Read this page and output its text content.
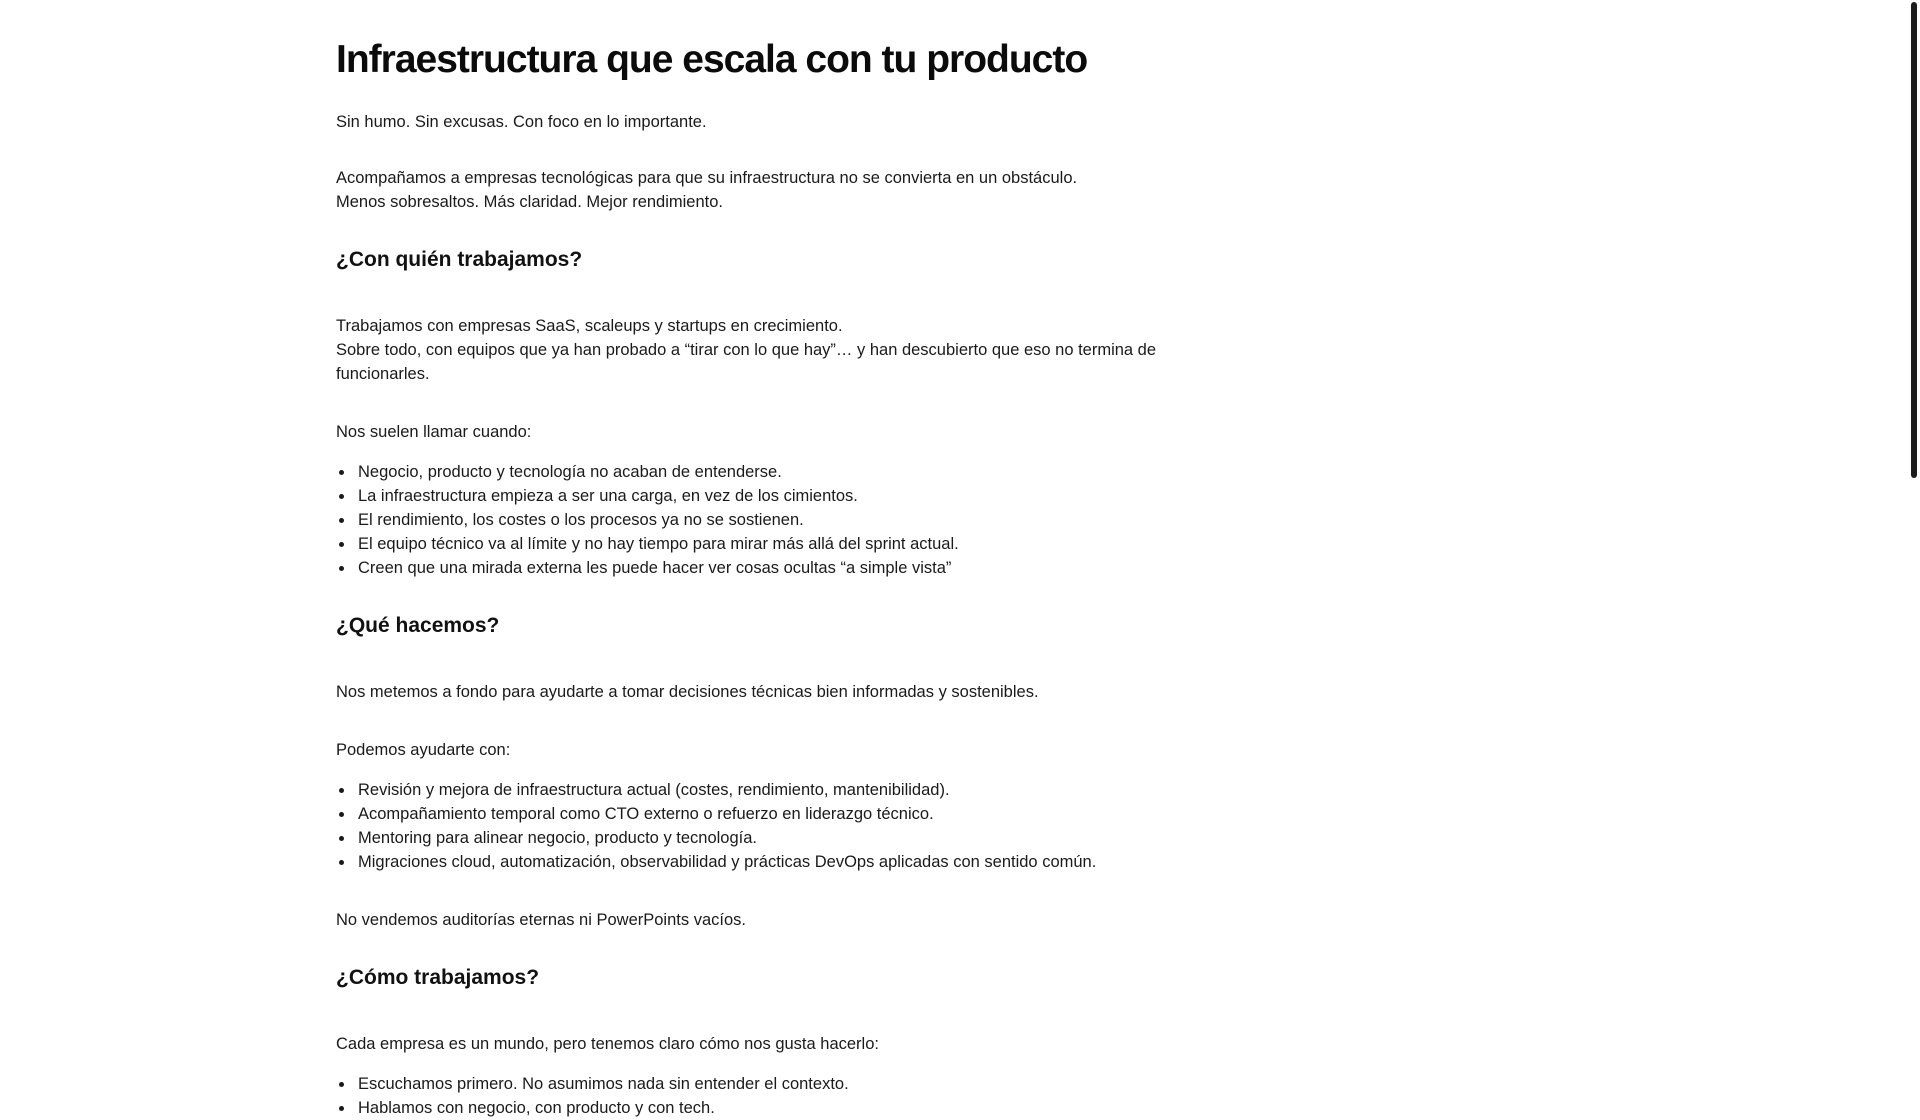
Infraestructura que escala con tu producto

Sin humo. Sin excusas. Con foco en lo importante.

Acompañamos a empresas tecnológicas para que su infraestructura no se convierta en un obstáculo.
Menos sobresaltos. Más claridad. Mejor rendimiento.

¿Con quién trabajamos?

Trabajamos con empresas SaaS, scaleups y startups en crecimiento.
Sobre todo, con equipos que ya han probado a “tirar con lo que hay”… y han descubierto que eso no termina de funcionarles.

Nos suelen llamar cuando:

Negocio, producto y tecnología no acaban de entenderse.
La infraestructura empieza a ser una carga, en vez de los cimientos.
El rendimiento, los costes o los procesos ya no se sostienen.
El equipo técnico va al límite y no hay tiempo para mirar más allá del sprint actual.
Creen que una mirada externa les puede hacer ver cosas ocultas “a simple vista”
¿Qué hacemos?

Nos metemos a fondo para ayudarte a tomar decisiones técnicas bien informadas y sostenibles.

Podemos ayudarte con:

Revisión y mejora de infraestructura actual (costes, rendimiento, mantenibilidad).
Acompañamiento temporal como CTO externo o refuerzo en liderazgo técnico.
Mentoring para alinear negocio, producto y tecnología.
Migraciones cloud, automatización, observabilidad y prácticas DevOps aplicadas con sentido común.

No vendemos auditorías eternas ni PowerPoints vacíos.

¿Cómo trabajamos?

Cada empresa es un mundo, pero tenemos claro cómo nos gusta hacerlo:

Escuchamos primero. No asumimos nada sin entender el contexto.
Hablamos con negocio, con producto y con tech.
